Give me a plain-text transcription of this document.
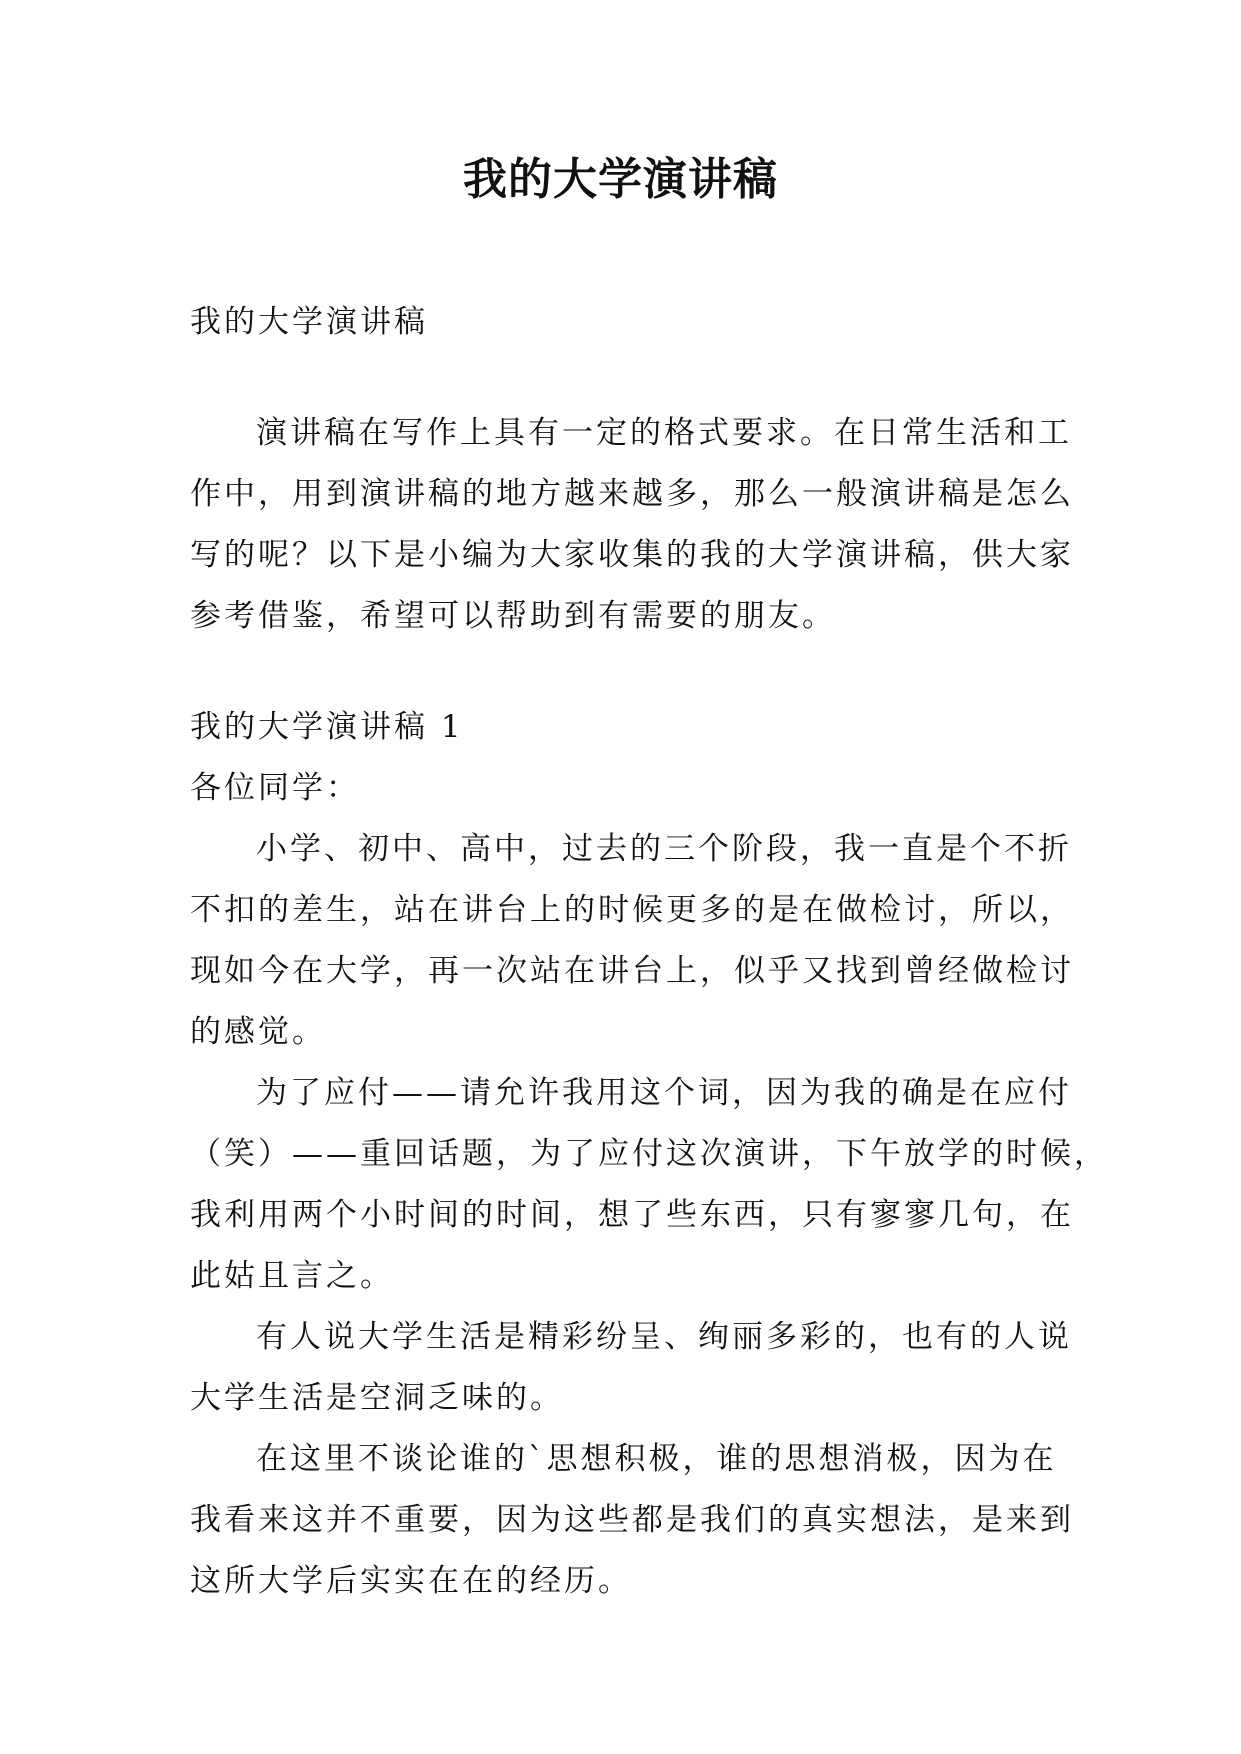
我的大学演讲稿

我的大学演讲稿

演讲稿在写作上具有一定的格式要求。在日常生活和工

作中，用到演讲稿的地方越来越多，那么一般演讲稿是怎么

写的呢？以下是小编为大家收集的我的大学演讲稿，供大家

参考借鉴，希望可以帮助到有需要的朋友。

我的大学演讲稿 1

各位同学：

小学、初中、高中，过去的三个阶段，我一直是个不折

不扣的差生，站在讲台上的时候更多的是在做检讨，所以，

现如今在大学，再一次站在讲台上，似乎又找到曾经做检讨

的感觉。

为了应付——请允许我用这个词，因为我的确是在应付

（笑）——重回话题，为了应付这次演讲，下午放学的时候，

我利用两个小时间的时间，想了些东西，只有寥寥几句，在

此姑且言之。

有人说大学生活是精彩纷呈、绚丽多彩的，也有的人说

大学生活是空洞乏味的。

在这里不谈论谁的`思想积极，谁的思想消极，因为在

我看来这并不重要，因为这些都是我们的真实想法，是来到

这所大学后实实在在的经历。
